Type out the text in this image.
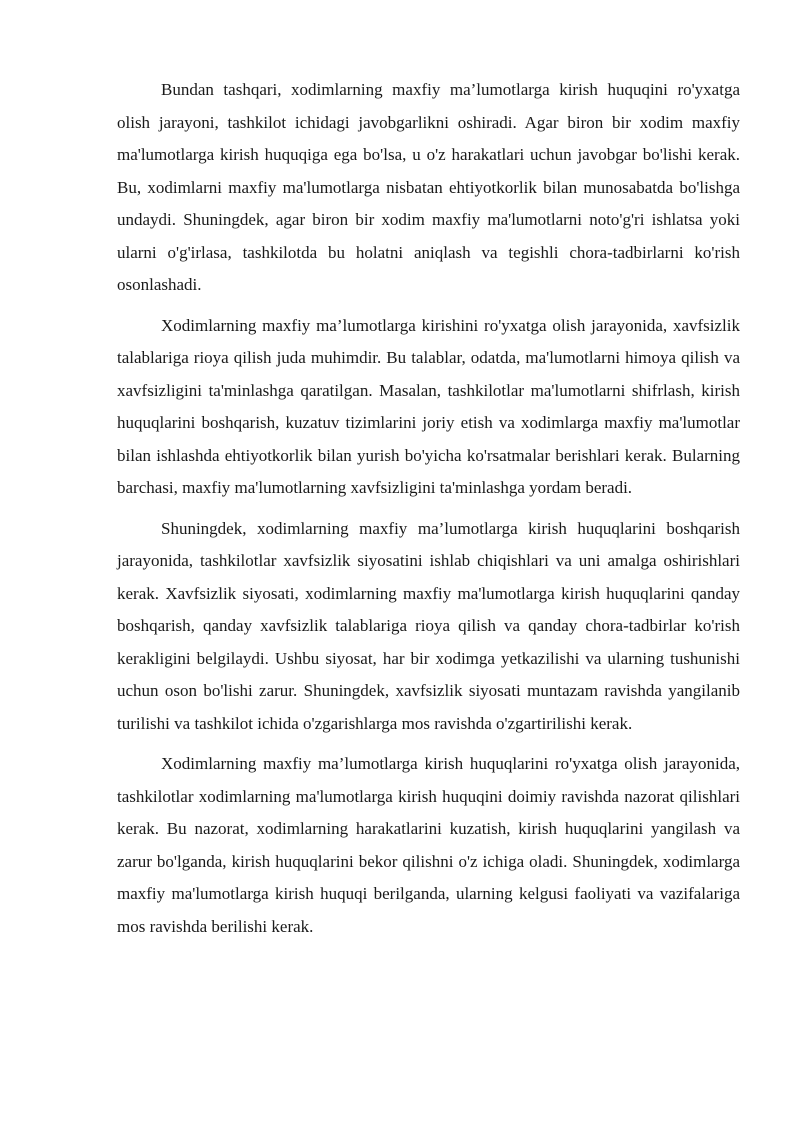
Bundan tashqari, xodimlarning maxfiy ma’lumotlarga kirish huquqini ro'yxatga olish jarayoni, tashkilot ichidagi javobgarlikni oshiradi. Agar biron bir xodim maxfiy ma'lumotlarga kirish huquqiga ega bo'lsa, u o'z harakatlari uchun javobgar bo'lishi kerak. Bu, xodimlarni maxfiy ma'lumotlarga nisbatan ehtiyotkorlik bilan munosabatda bo'lishga undaydi. Shuningdek, agar biron bir xodim maxfiy ma'lumotlarni noto'g'ri ishlatsa yoki ularni o'g'irlasa, tashkilotda bu holatni aniqlash va tegishli chora-tadbirlarni ko'rish osonlashadi.

Xodimlarning maxfiy ma’lumotlarga kirishini ro'yxatga olish jarayonida, xavfsizlik talablariga rioya qilish juda muhimdir. Bu talablar, odatda, ma'lumotlarni himoya qilish va xavfsizligini ta'minlashga qaratilgan. Masalan, tashkilotlar ma'lumotlarni shifrlash, kirish huquqlarini boshqarish, kuzatuv tizimlarini joriy etish va xodimlarga maxfiy ma'lumotlar bilan ishlashda ehtiyotkorlik bilan yurish bo'yicha ko'rsatmalar berishlari kerak. Bularning barchasi, maxfiy ma'lumotlarning xavfsizligini ta'minlashga yordam beradi.

Shuningdek, xodimlarning maxfiy ma’lumotlarga kirish huquqlarini boshqarish jarayonida, tashkilotlar xavfsizlik siyosatini ishlab chiqishlari va uni amalga oshirishlari kerak. Xavfsizlik siyosati, xodimlarning maxfiy ma'lumotlarga kirish huquqlarini qanday boshqarish, qanday xavfsizlik talablariga rioya qilish va qanday chora-tadbirlar ko'rish kerakligini belgilaydi. Ushbu siyosat, har bir xodimga yetkazilishi va ularning tushunishi uchun oson bo'lishi zarur. Shuningdek, xavfsizlik siyosati muntazam ravishda yangilanib turilishi va tashkilot ichida o'zgarishlarga mos ravishda o'zgartirilishi kerak.

Xodimlarning maxfiy ma’lumotlarga kirish huquqlarini ro'yxatga olish jarayonida, tashkilotlar xodimlarning ma'lumotlarga kirish huquqini doimiy ravishda nazorat qilishlari kerak. Bu nazorat, xodimlarning harakatlarini kuzatish, kirish huquqlarini yangilash va zarur bo'lganda, kirish huquqlarini bekor qilishni o'z ichiga oladi. Shuningdek, xodimlarga maxfiy ma'lumotlarga kirish huquqi berilganda, ularning kelgusi faoliyati va vazifalariga mos ravishda berilishi kerak.
